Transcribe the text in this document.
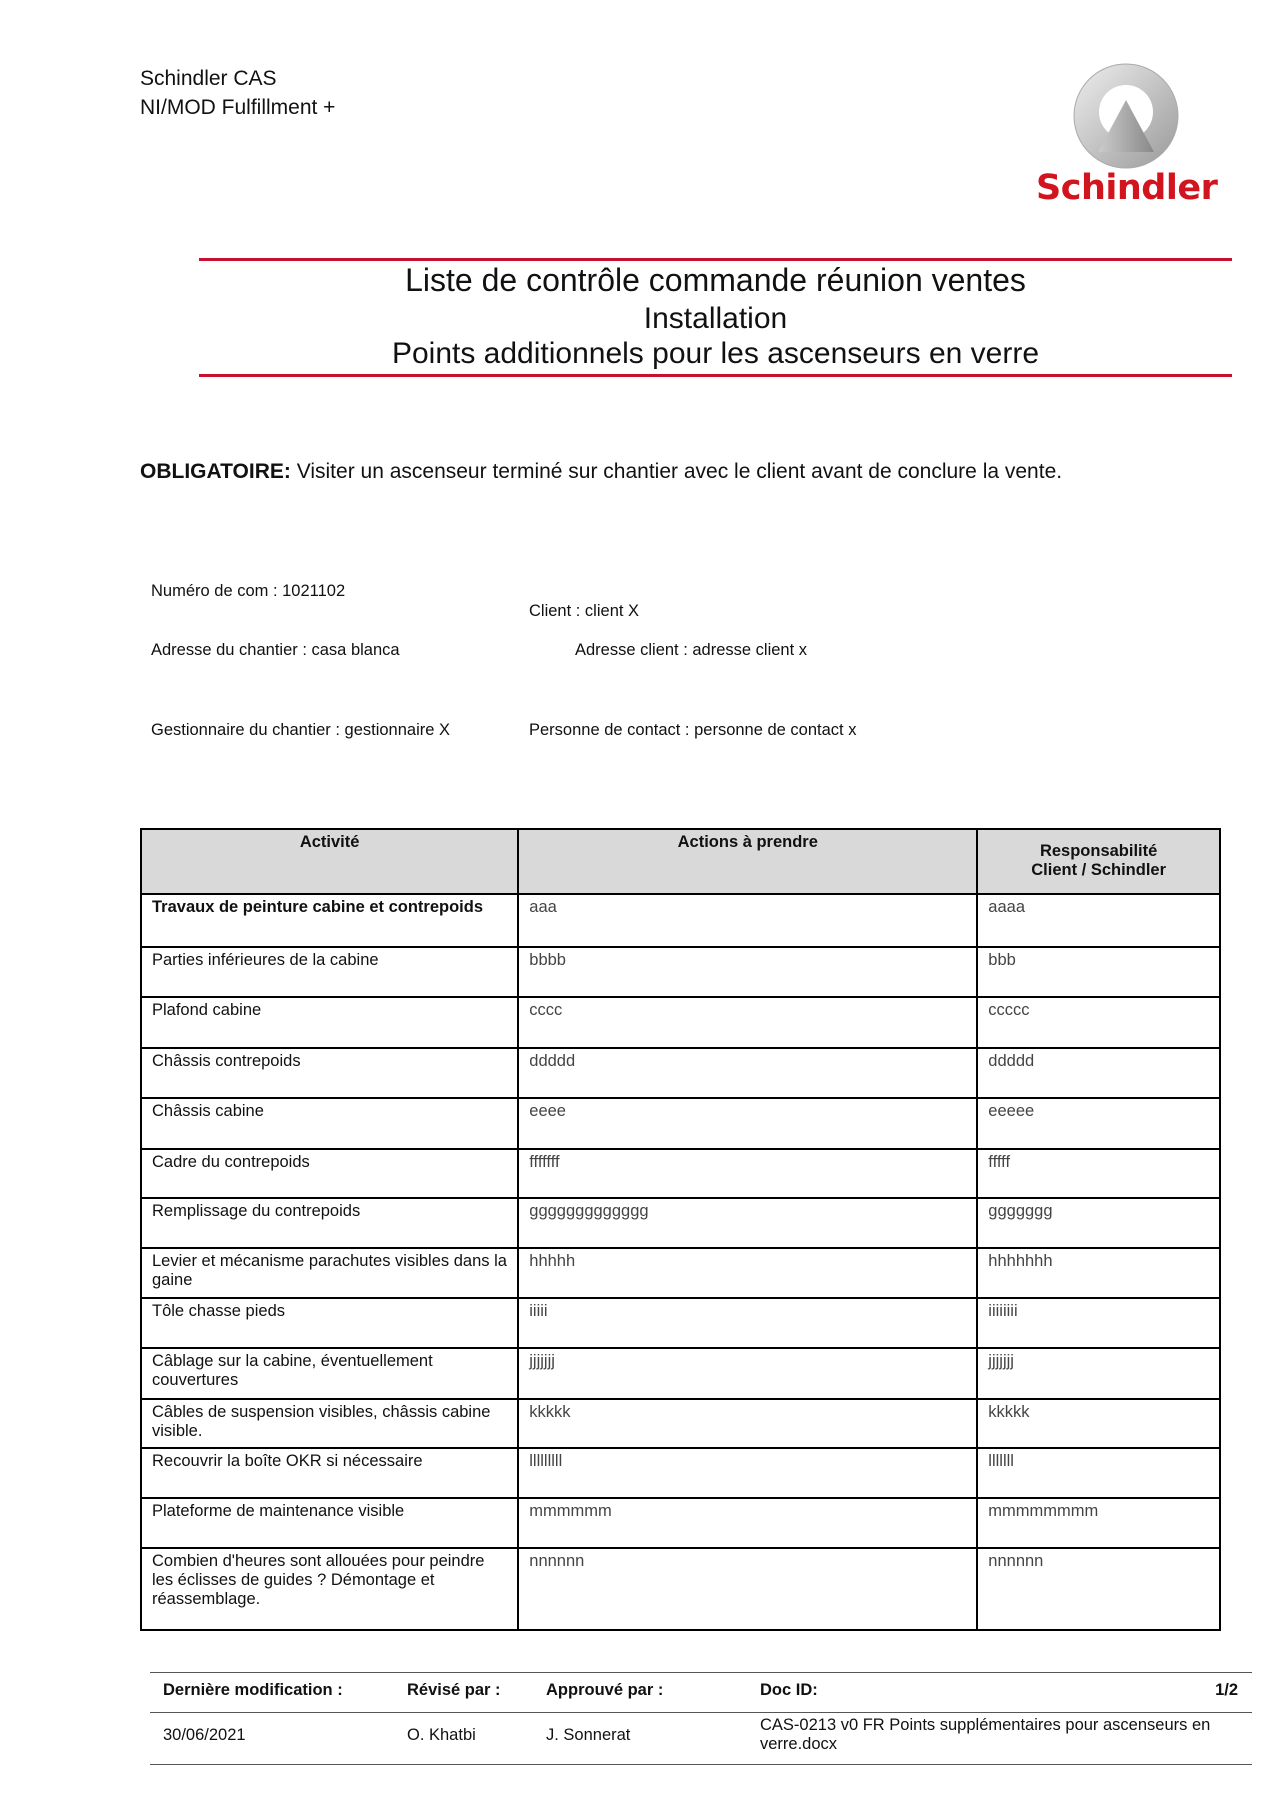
Schindler CAS
NI/MOD Fulfillment +
Schindler
Liste de contrôle commande réunion ventes
Installation
Points additionnels pour les ascenseurs en verre
OBLIGATOIRE: Visiter un ascenseur terminé sur chantier avec le client avant de conclure la vente.
Numéro de com : 1021102
Client : client X
Adresse du chantier : casa blanca	Adresse client : adresse client x
Gestionnaire du chantier : gestionnaire X	Personne de contact : personne de contact x
Activité	Actions à prendre	Responsabilité
Client / Schindler
Travaux de peinture cabine et contrepoids	aaa	aaaa
Parties inférieures de la cabine	bbbb	bbb
Plafond cabine	cccc	ccccc
Châssis contrepoids	ddddd	ddddd
Châssis cabine	eeee	eeeee
Cadre du contrepoids	fffffff	fffff
Remplissage du contrepoids	ggggggggggggg	ggggggg
Levier et mécanisme parachutes visibles dans la gaine	hhhhh	hhhhhhh
Tôle chasse pieds	iiiii	iiiiiiii
Câblage sur la cabine, éventuellement couvertures	jjjjjjj	jjjjjjj
Câbles de suspension visibles, châssis cabine visible.	kkkkk	kkkkk
Recouvrir la boîte OKR si nécessaire	lllllllll	lllllll
Plateforme de maintenance visible	mmmmmm	mmmmmmmm
Combien d'heures sont allouées pour peindre les éclisses de guides ? Démontage et réassemblage.	nnnnnn	nnnnnn
Dernière modification :	Révisé par :	Approuvé par :	Doc ID:	1/2
30/06/2021	O. Khatbi	J. Sonnerat
CAS-0213 v0 FR Points supplémentaires pour ascenseurs en verre.docx
